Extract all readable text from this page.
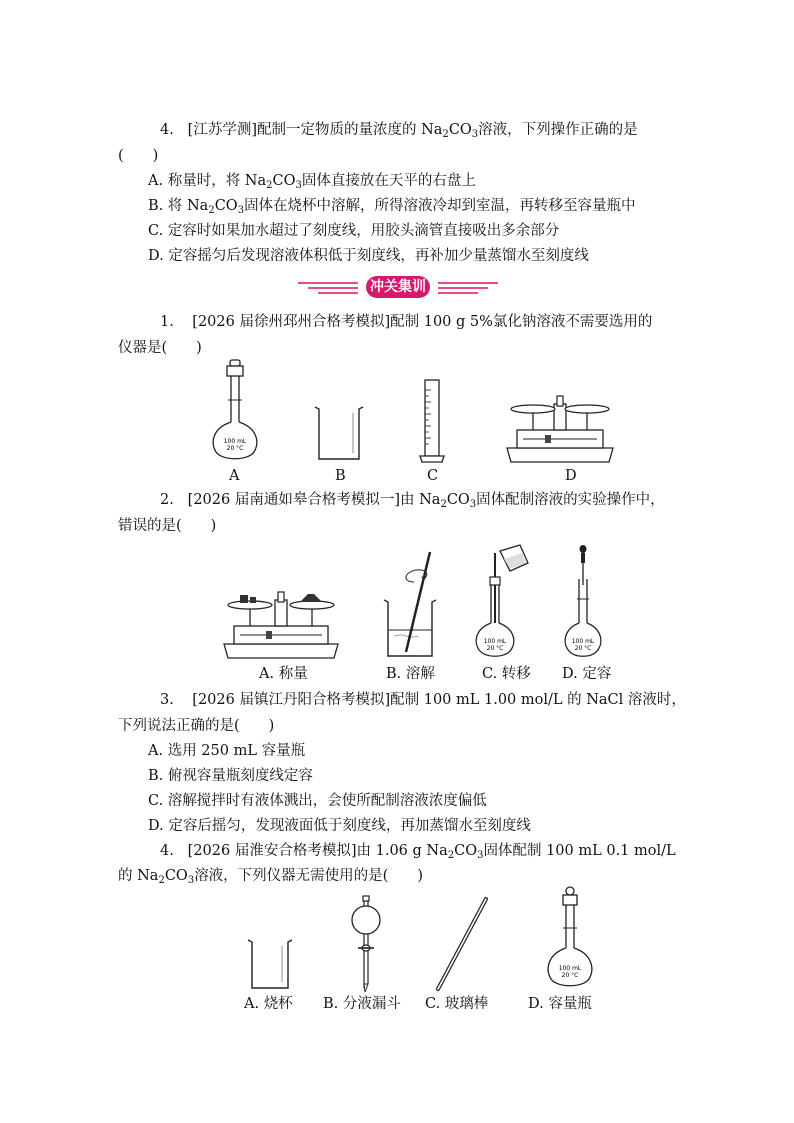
4. [江苏学测]配制一定物质的量浓度的 $Na_2CO_3$溶液，下列操作正确的是
(　　)
A. 称量时，将 $Na_2CO_3$固体直接放在天平的右盘上
B. 将 $Na_2CO_3$固体在烧杯中溶解，所得溶液冷却到室温，再转移至容量瓶中
C. 定容时如果加水超过了刻度线，用胶头滴管直接吸出多余部分
D. 定容摇匀后发现溶液体积低于刻度线，再补加少量蒸馏水至刻度线
冲关集训
1. [2026 届徐州邳州合格考模拟]配制 100 g 5%氯化钠溶液不需要选用的
仪器是(　　)
100 mL
20 °C
A	B	C	D
2. [2026 届南通如皋合格考模拟一]由 $Na_2CO_3$固体配制溶液的实验操作中，
错误的是(　　)
A. 称量	B. 溶解
100 mL
20 °C
C. 转移
100 mL
20 °C
D. 定容
3. [2026 届镇江丹阳合格考模拟]配制 100 mL 1.00 mol/L 的 NaCl 溶液时，
下列说法正确的是(　　)
A. 选用 250 mL 容量瓶
B. 俯视容量瓶刻度线定容
C. 溶解搅拌时有液体溅出，会使所配制溶液浓度偏低
D. 定容后摇匀，发现液面低于刻度线，再加蒸馏水至刻度线
4. [2026 届淮安合格考模拟]由 1.06 g $Na_2CO_3$固体配制 100 mL 0.1 mol/L
的 $Na_2CO_3$溶液，下列仪器无需使用的是(　　)
A. 烧杯 B. 分液漏斗 C. 玻璃棒
100 mL
20 °C
D. 容量瓶
